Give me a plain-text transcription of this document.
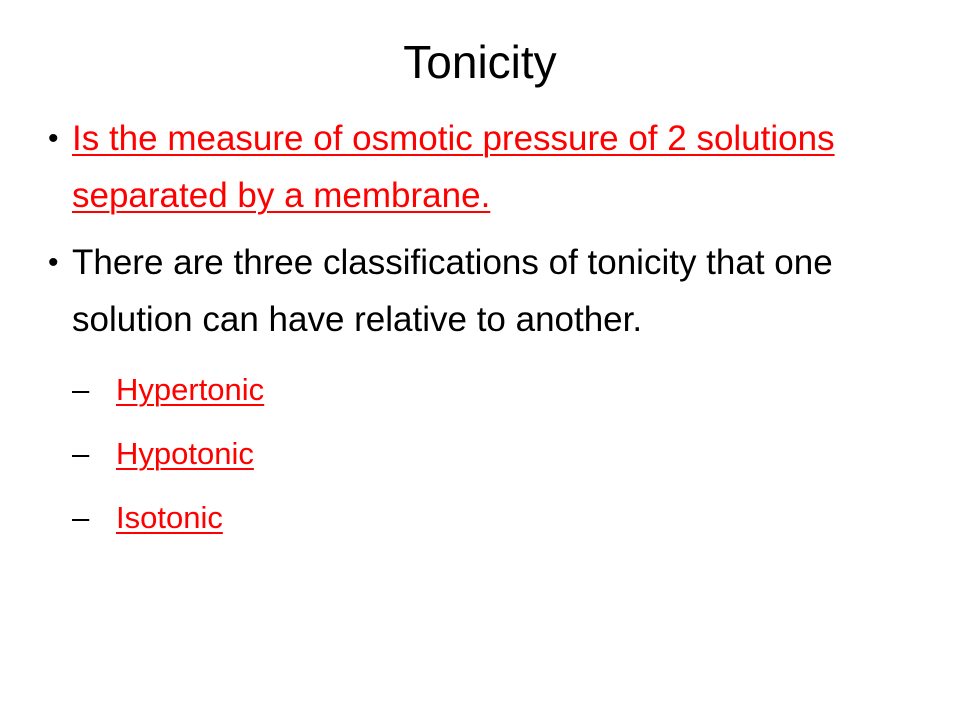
Tonicity
• Is the measure of osmotic pressure of 2 solutions separated by a membrane.
• There are three classifications of tonicity that one solution can have relative to another.
– Hypertonic
– Hypotonic
– Isotonic
